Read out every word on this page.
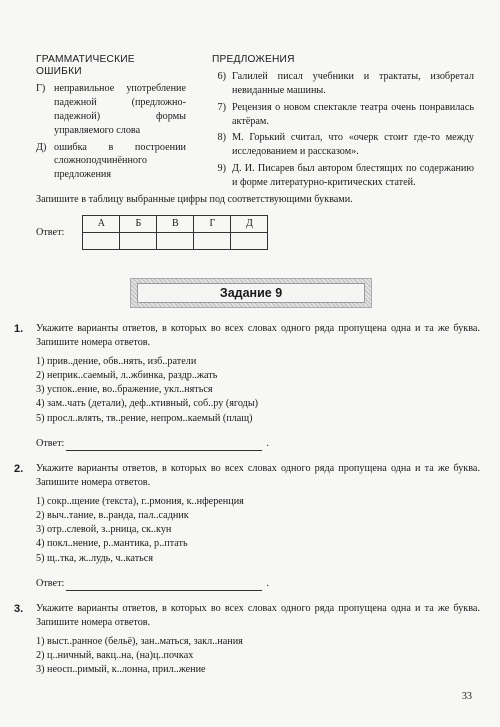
ГРАММАТИЧЕСКИЕ
ОШИБКИ
Г) неправильное употребление падежной (предложно-падежной) формы управляемого слова
Д) ошибка в построении сложноподчинённого предложения
ПРЕДЛОЖЕНИЯ
6) Галилей писал учебники и трактаты, изобретал невиданные машины.
7) Рецензия о новом спектакле театра очень понравилась актёрам.
8) М. Горький считал, что «очерк стоит где-то между исследованием и рассказом».
9) Д. И. Писарев был автором блестящих по содержанию и форме литературно-критических статей.
Запишите в таблицу выбранные цифры под соответствующими буквами.
Ответ:
А	Б	В	Г	Д

Задание 9
1. Укажите варианты ответов, в которых во всех словах одного ряда пропущена одна и та же буква. Запишите номера ответов.
1) прив..дение, обв..нять, изб..ратели
2) неприк..саемый, л..жбинка, раздр..жать
3) успок..ение, во..бражение, укл..няться
4) зам..чать (детали), деф..ктивный, соб..ру (ягоды)
5) просл..влять, тв..рение, непром..каемый (плащ)
Ответ:	.
2. Укажите варианты ответов, в которых во всех словах одного ряда пропущена одна и та же буква. Запишите номера ответов.
1) сокр..щение (текста), г..рмония, к..нференция
2) выч..тание, в..ранда, пал..садник
3) отр..слевой, з..рница, ск..кун
4) покл..нение, р..мантика, р..птать
5) щ..тка, ж..лудь, ч..каться
Ответ:	.
3. Укажите варианты ответов, в которых во всех словах одного ряда пропущена одна и та же буква. Запишите номера ответов.
1) выст..ранное (бельё), зан..маться, закл..нания
2) ц..ничный, вакц..на, (на)ц..почках
3) неосп..римый, к..лонна, прил..жение
33
